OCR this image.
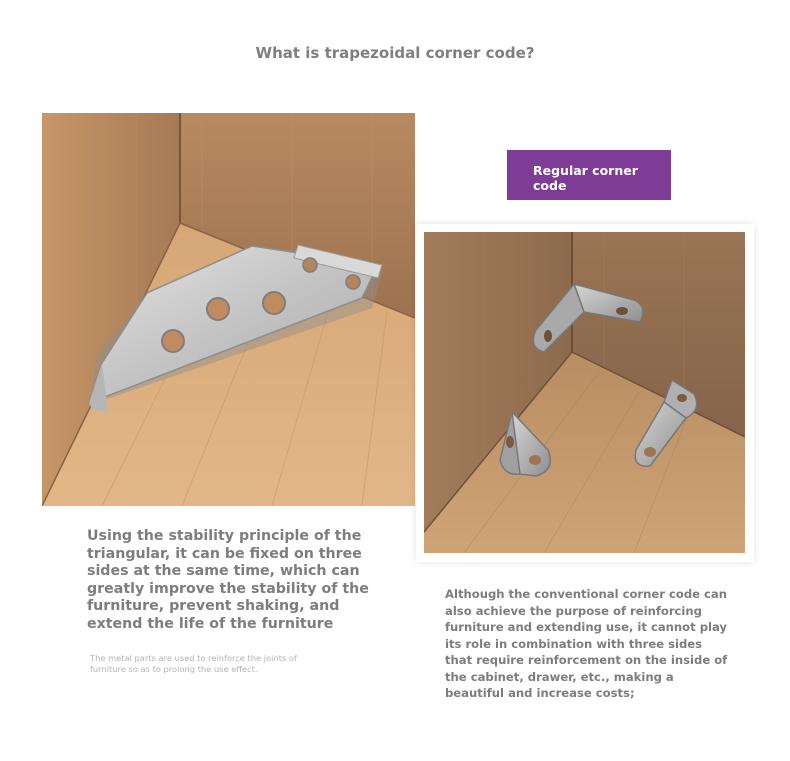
What is trapezoidal corner code?
Regular corner code
Using the stability principle of the triangular, it can be fixed on three sides at the same time, which can greatly improve the stability of the furniture, prevent shaking, and extend the life of the furniture
The metal parts are used to reinforce the joints of furniture so as to prolong the use effect.
Although the conventional corner code can also achieve the purpose of reinforcing furniture and extending use, it cannot play its role in combination with three sides that require reinforcement on the inside of the cabinet, drawer, etc., making a beautiful and increase costs;
